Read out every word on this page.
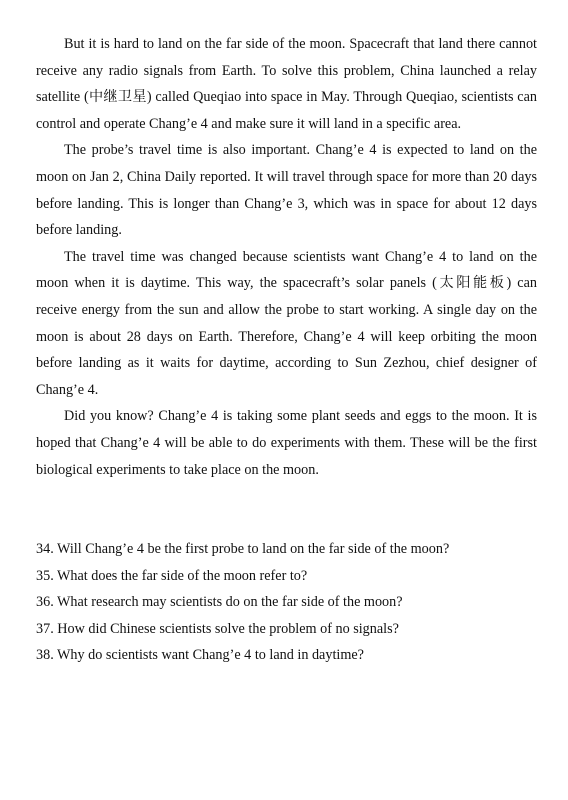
But it is hard to land on the far side of the moon. Spacecraft that land there cannot receive any radio signals from Earth. To solve this problem, China launched a relay satellite (中继卫星) called Queqiao into space in May. Through Queqiao, scientists can control and operate Chang’e 4 and make sure it will land in a specific area.

The probe’s travel time is also important. Chang’e 4 is expected to land on the moon on Jan 2, China Daily reported. It will travel through space for more than 20 days before landing. This is longer than Chang’e 3, which was in space for about 12 days before landing.

The travel time was changed because scientists want Chang’e 4 to land on the moon when it is daytime. This way, the spacecraft’s solar panels (太阳能板) can receive energy from the sun and allow the probe to start working. A single day on the moon is about 28 days on Earth. Therefore, Chang’e 4 will keep orbiting the moon before landing as it waits for daytime, according to Sun Zezhou, chief designer of Chang’e 4.

Did you know? Chang’e 4 is taking some plant seeds and eggs to the moon. It is hoped that Chang’e 4 will be able to do experiments with them. These will be the first biological experiments to take place on the moon.

34. Will Chang’e 4 be the first probe to land on the far side of the moon?

35. What does the far side of the moon refer to?

36. What research may scientists do on the far side of the moon?

37. How did Chinese scientists solve the problem of no signals?

38. Why do scientists want Chang’e 4 to land in daytime?
